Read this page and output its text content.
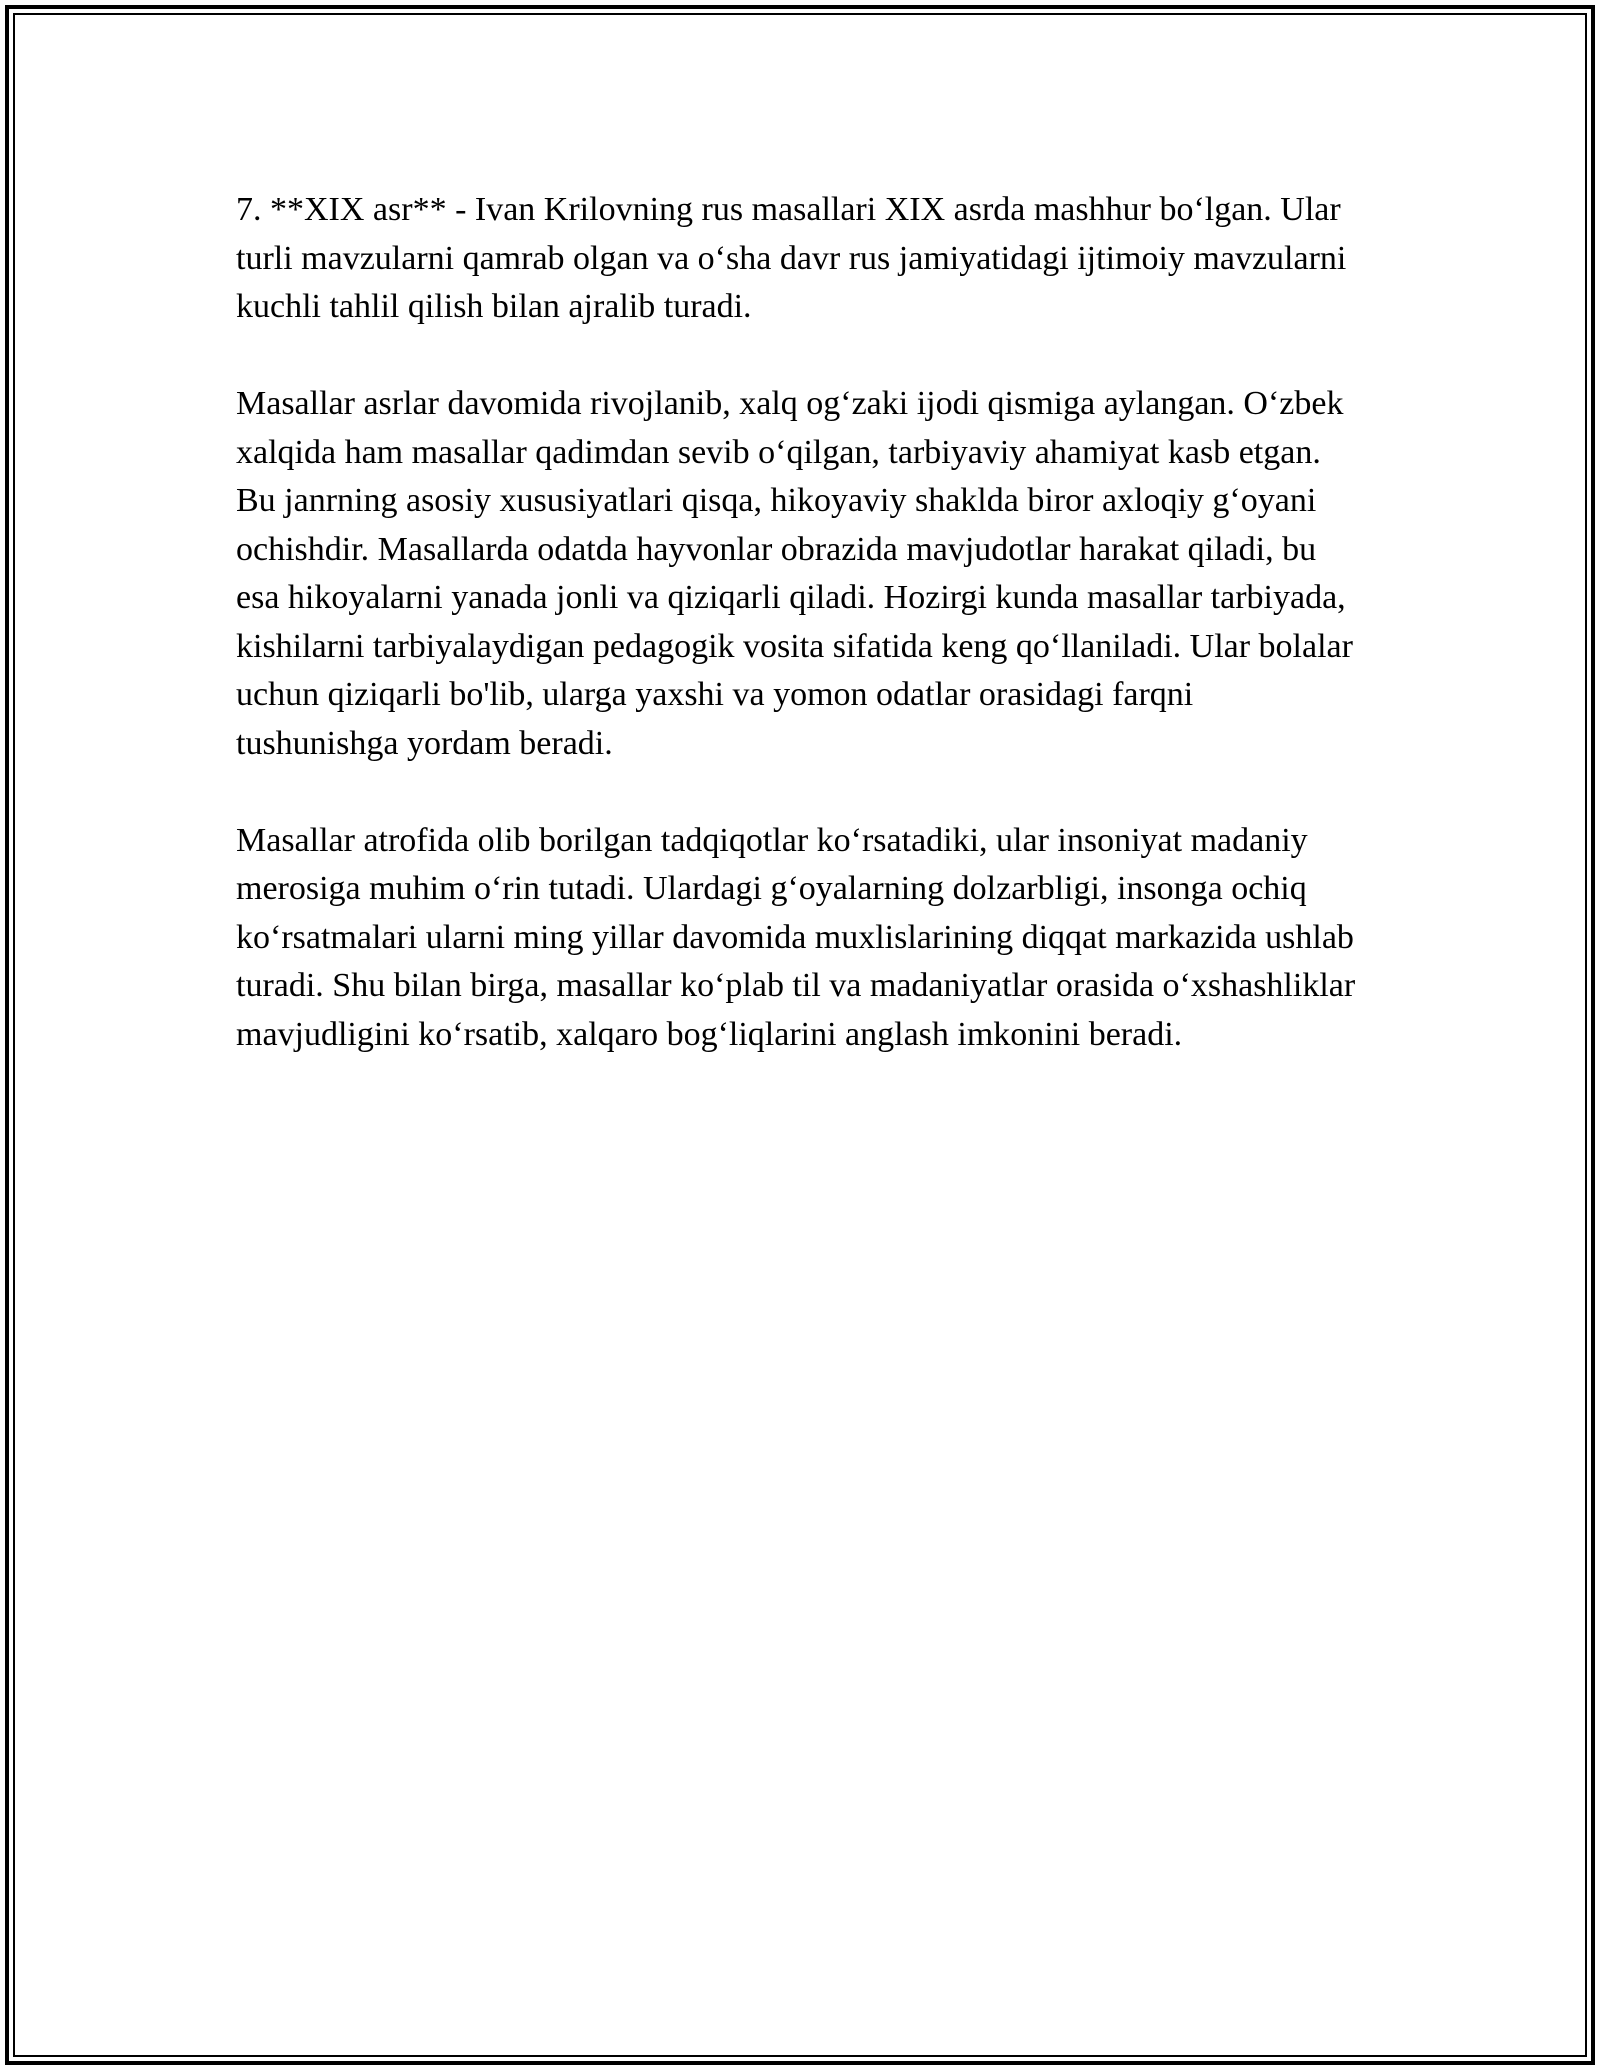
7. **XIX asr** - Ivan Krilovning rus masallari XIX asrda mashhur bo‘lgan. Ular turli mavzularni qamrab olgan va o‘sha davr rus jamiyatidagi ijtimoiy mavzularni kuchli tahlil qilish bilan ajralib turadi.

Masallar asrlar davomida rivojlanib, xalq og‘zaki ijodi qismiga aylangan. O‘zbek xalqida ham masallar qadimdan sevib o‘qilgan, tarbiyaviy ahamiyat kasb etgan. Bu janrning asosiy xususiyatlari qisqa, hikoyaviy shaklda biror axloqiy g‘oyani ochishdir. Masallarda odatda hayvonlar obrazida mavjudotlar harakat qiladi, bu esa hikoyalarni yanada jonli va qiziqarli qiladi. Hozirgi kunda masallar tarbiyada, kishilarni tarbiyalaydigan pedagogik vosita sifatida keng qo‘llaniladi. Ular bolalar uchun qiziqarli bo'lib, ularga yaxshi va yomon odatlar orasidagi farqni tushunishga yordam beradi.

Masallar atrofida olib borilgan tadqiqotlar ko‘rsatadiki, ular insoniyat madaniy merosiga muhim o‘rin tutadi. Ulardagi g‘oyalarning dolzarbligi, insonga ochiq ko‘rsatmalari ularni ming yillar davomida muxlislarining diqqat markazida ushlab turadi. Shu bilan birga, masallar ko‘plab til va madaniyatlar orasida o‘xshashliklar mavjudligini ko‘rsatib, xalqaro bog‘liqlarini anglash imkonini beradi.
